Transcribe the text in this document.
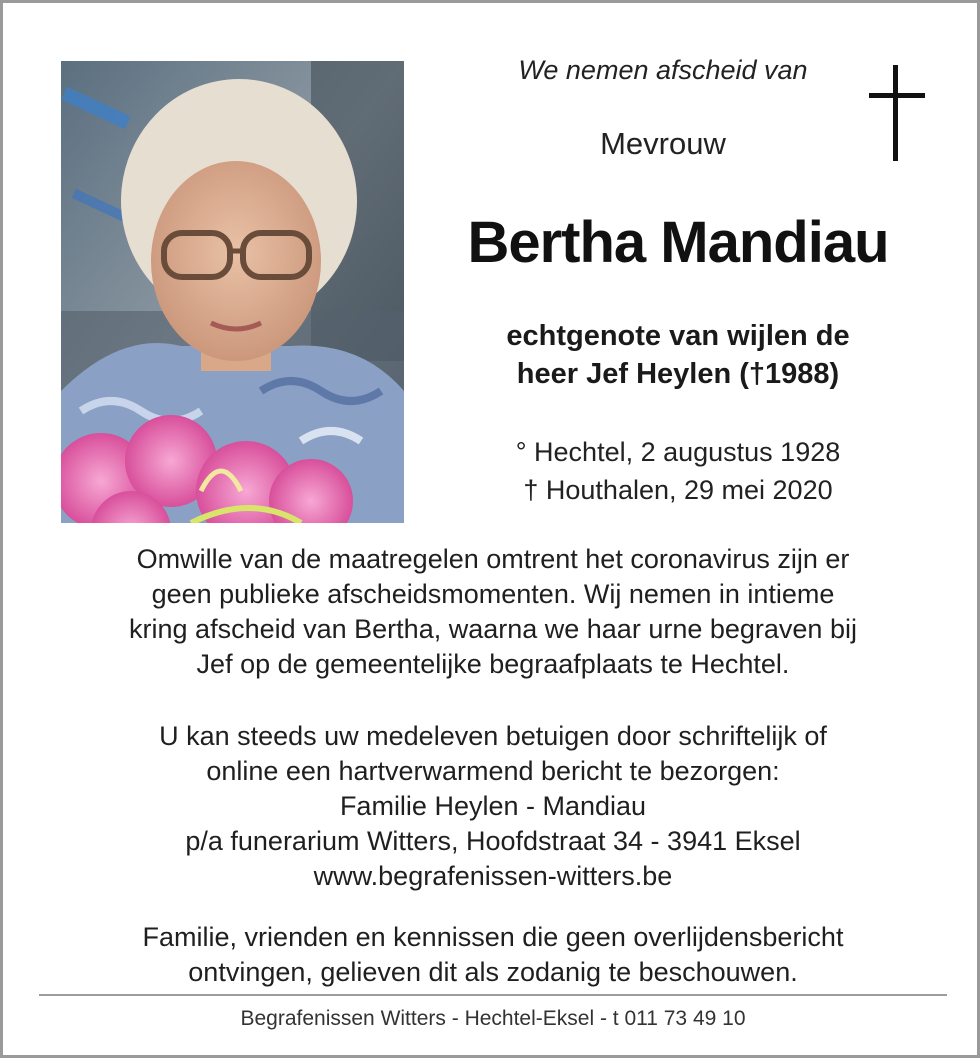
We nemen afscheid van
Mevrouw
Bertha Mandiau
echtgenote van wijlen de
heer Jef Heylen (†1988)
° Hechtel, 2 augustus 1928
† Houthalen, 29 mei 2020
Omwille van de maatregelen omtrent het coronavirus zijn er
geen publieke afscheidsmomenten. Wij nemen in intieme
kring afscheid van Bertha, waarna we haar urne begraven bij
Jef op de gemeentelijke begraafplaats te Hechtel.
U kan steeds uw medeleven betuigen door schriftelijk of
online een hartverwarmend bericht te bezorgen:
Familie Heylen - Mandiau
p/a funerarium Witters, Hoofdstraat 34 - 3941 Eksel
www.begrafenissen-witters.be
Familie, vrienden en kennissen die geen overlijdensbericht
ontvingen, gelieven dit als zodanig te beschouwen.
Begrafenissen Witters - Hechtel-Eksel - t 011 73 49 10
